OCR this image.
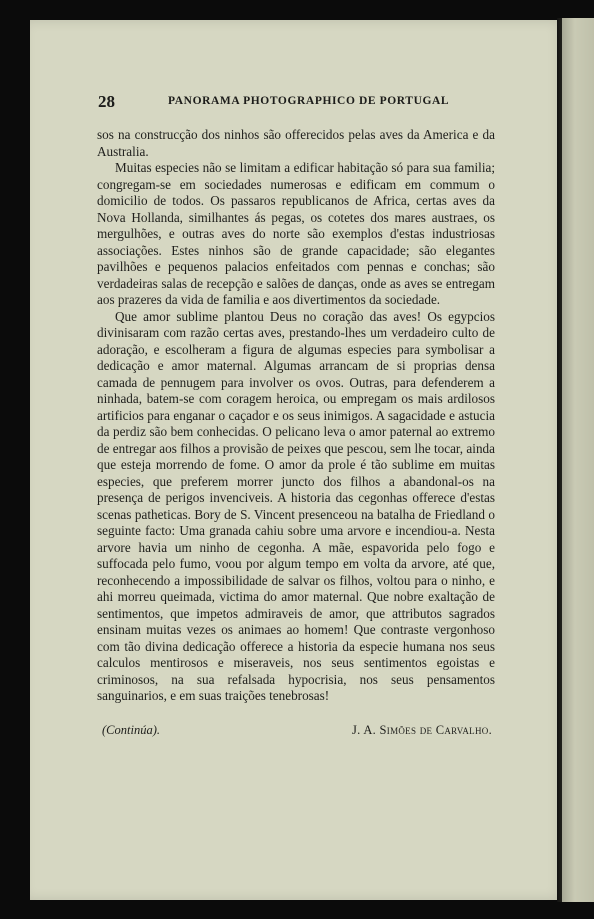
28	PANORAMA PHOTOGRAPHICO DE PORTUGAL

sos na construcção dos ninhos são offerecidos pelas aves da America e da Australia.

Muitas especies não se limitam a edificar habitação só para sua familia; congregam-se em sociedades numerosas e edificam em commum o domicilio de todos. Os passaros republicanos de Africa, certas aves da Nova Hollanda, similhantes ás pegas, os cotetes dos mares austraes, os mergulhões, e outras aves do norte são exemplos d'estas industriosas associações. Estes ninhos são de grande capacidade; são elegantes pavilhões e pequenos palacios enfeitados com pennas e conchas; são verdadeiras salas de recepção e salões de danças, onde as aves se entregam aos prazeres da vida de familia e aos divertimentos da sociedade.

Que amor sublime plantou Deus no coração das aves! Os egypcios divinisaram com razão certas aves, prestando-lhes um verdadeiro culto de adoração, e escolheram a figura de algumas especies para symbolisar a dedicação e amor maternal. Algumas arrancam de si proprias densa camada de pennugem para involver os ovos. Outras, para defenderem a ninhada, batem-se com coragem heroica, ou empregam os mais ardilosos artificios para enganar o caçador e os seus inimigos. A sagacidade e astucia da perdiz são bem conhecidas. O pelicano leva o amor paternal ao extremo de entregar aos filhos a provisão de peixes que pescou, sem lhe tocar, ainda que esteja morrendo de fome. O amor da prole é tão sublime em muitas especies, que preferem morrer juncto dos filhos a abandonal-os na presença de perigos invenciveis. A historia das cegonhas offerece d'estas scenas patheticas. Bory de S. Vincent presenceou na batalha de Friedland o seguinte facto: Uma granada cahiu sobre uma arvore e incendiou-a. Nesta arvore havia um ninho de cegonha. A mãe, espavorida pelo fogo e suffocada pelo fumo, voou por algum tempo em volta da arvore, até que, reconhecendo a impossibilidade de salvar os filhos, voltou para o ninho, e ahi morreu queimada, victima do amor maternal. Que nobre exaltação de sentimentos, que impetos admiraveis de amor, que attributos sagrados ensinam muitas vezes os animaes ao homem! Que contraste vergonhoso com tão divina dedicação offerece a historia da especie humana nos seus calculos mentirosos e miseraveis, nos seus sentimentos egoistas e criminosos, na sua refalsada hypocrisia, nos seus pensamentos sanguinarios, e em suas traições tenebrosas!

(Continúa).	J. A. Simões de Carvalho.
